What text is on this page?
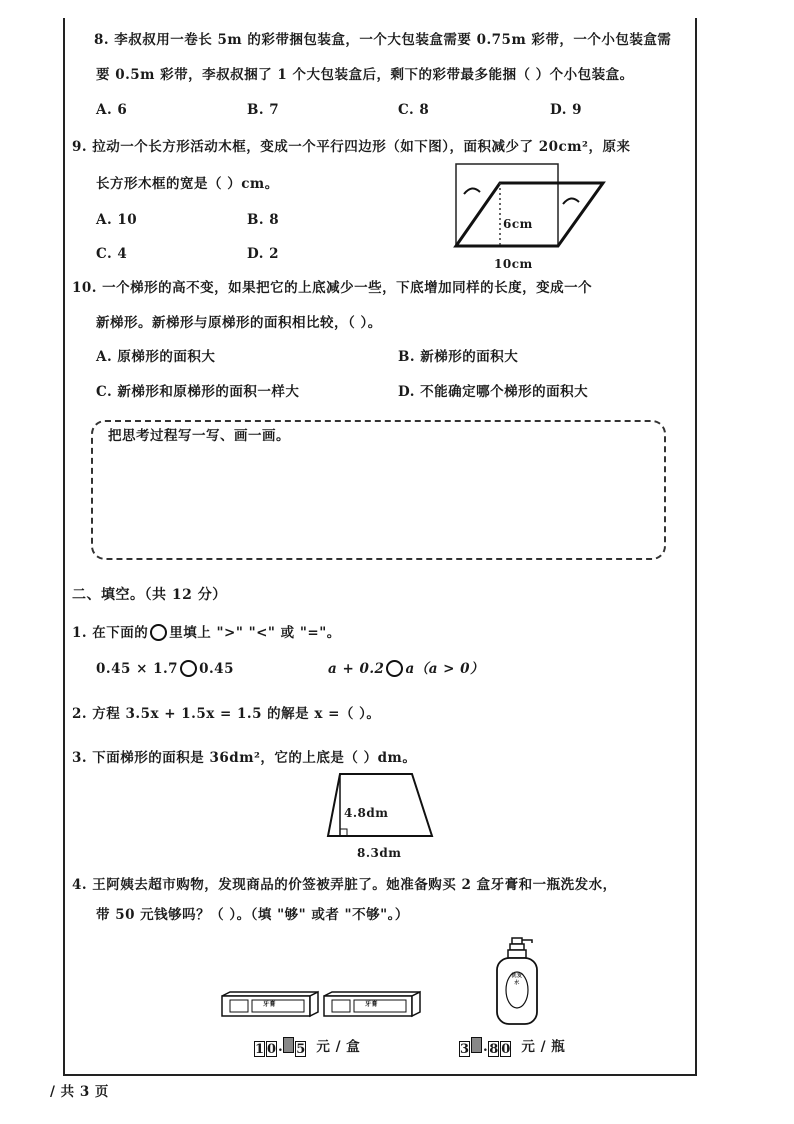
8. 李叔叔用一卷长 5m 的彩带捆包装盒，一个大包装盒需要 0.75m 彩带，一个小包装盒需
要 0.5m 彩带，李叔叔捆了 1 个大包装盒后，剩下的彩带最多能捆（ ）个小包装盒。
A. 6	B. 7	C. 8	D. 9
9. 拉动一个长方形活动木框，变成一个平行四边形（如下图），面积减少了 20cm²，原来
长方形木框的宽是（ ）cm。
A. 10	B. 8
C. 4	D. 2
6cm
10cm
10. 一个梯形的高不变，如果把它的上底减少一些，下底增加同样的长度，变成一个
新梯形。新梯形与原梯形的面积相比较，（ ）。
A. 原梯形的面积大	B. 新梯形的面积大
C. 新梯形和原梯形的面积一样大	D. 不能确定哪个梯形的面积大
把思考过程写一写、画一画。
二、填空。（共 12 分）
1. 在下面的 里填上 ">" "<" 或 "="。
0.45 × 1.7 0.45	a + 0.2 a（a > 0）
2. 方程 3.5x + 1.5x = 1.5 的解是 x =（ ）。
3. 下面梯形的面积是 36dm²，它的上底是（ ）dm。
4.8dm
8.3dm
4. 王阿姨去超市购物，发现商品的价签被弄脏了。她准备购买 2 盒牙膏和一瓶洗发水，
带 50 元钱够吗？（ ）。（填 "够" 或者 "不够"。）
牙膏	牙膏
洗发水
1 0. 5 元 / 盒	3 .8 0 元 / 瓶
/ 共 3 页
